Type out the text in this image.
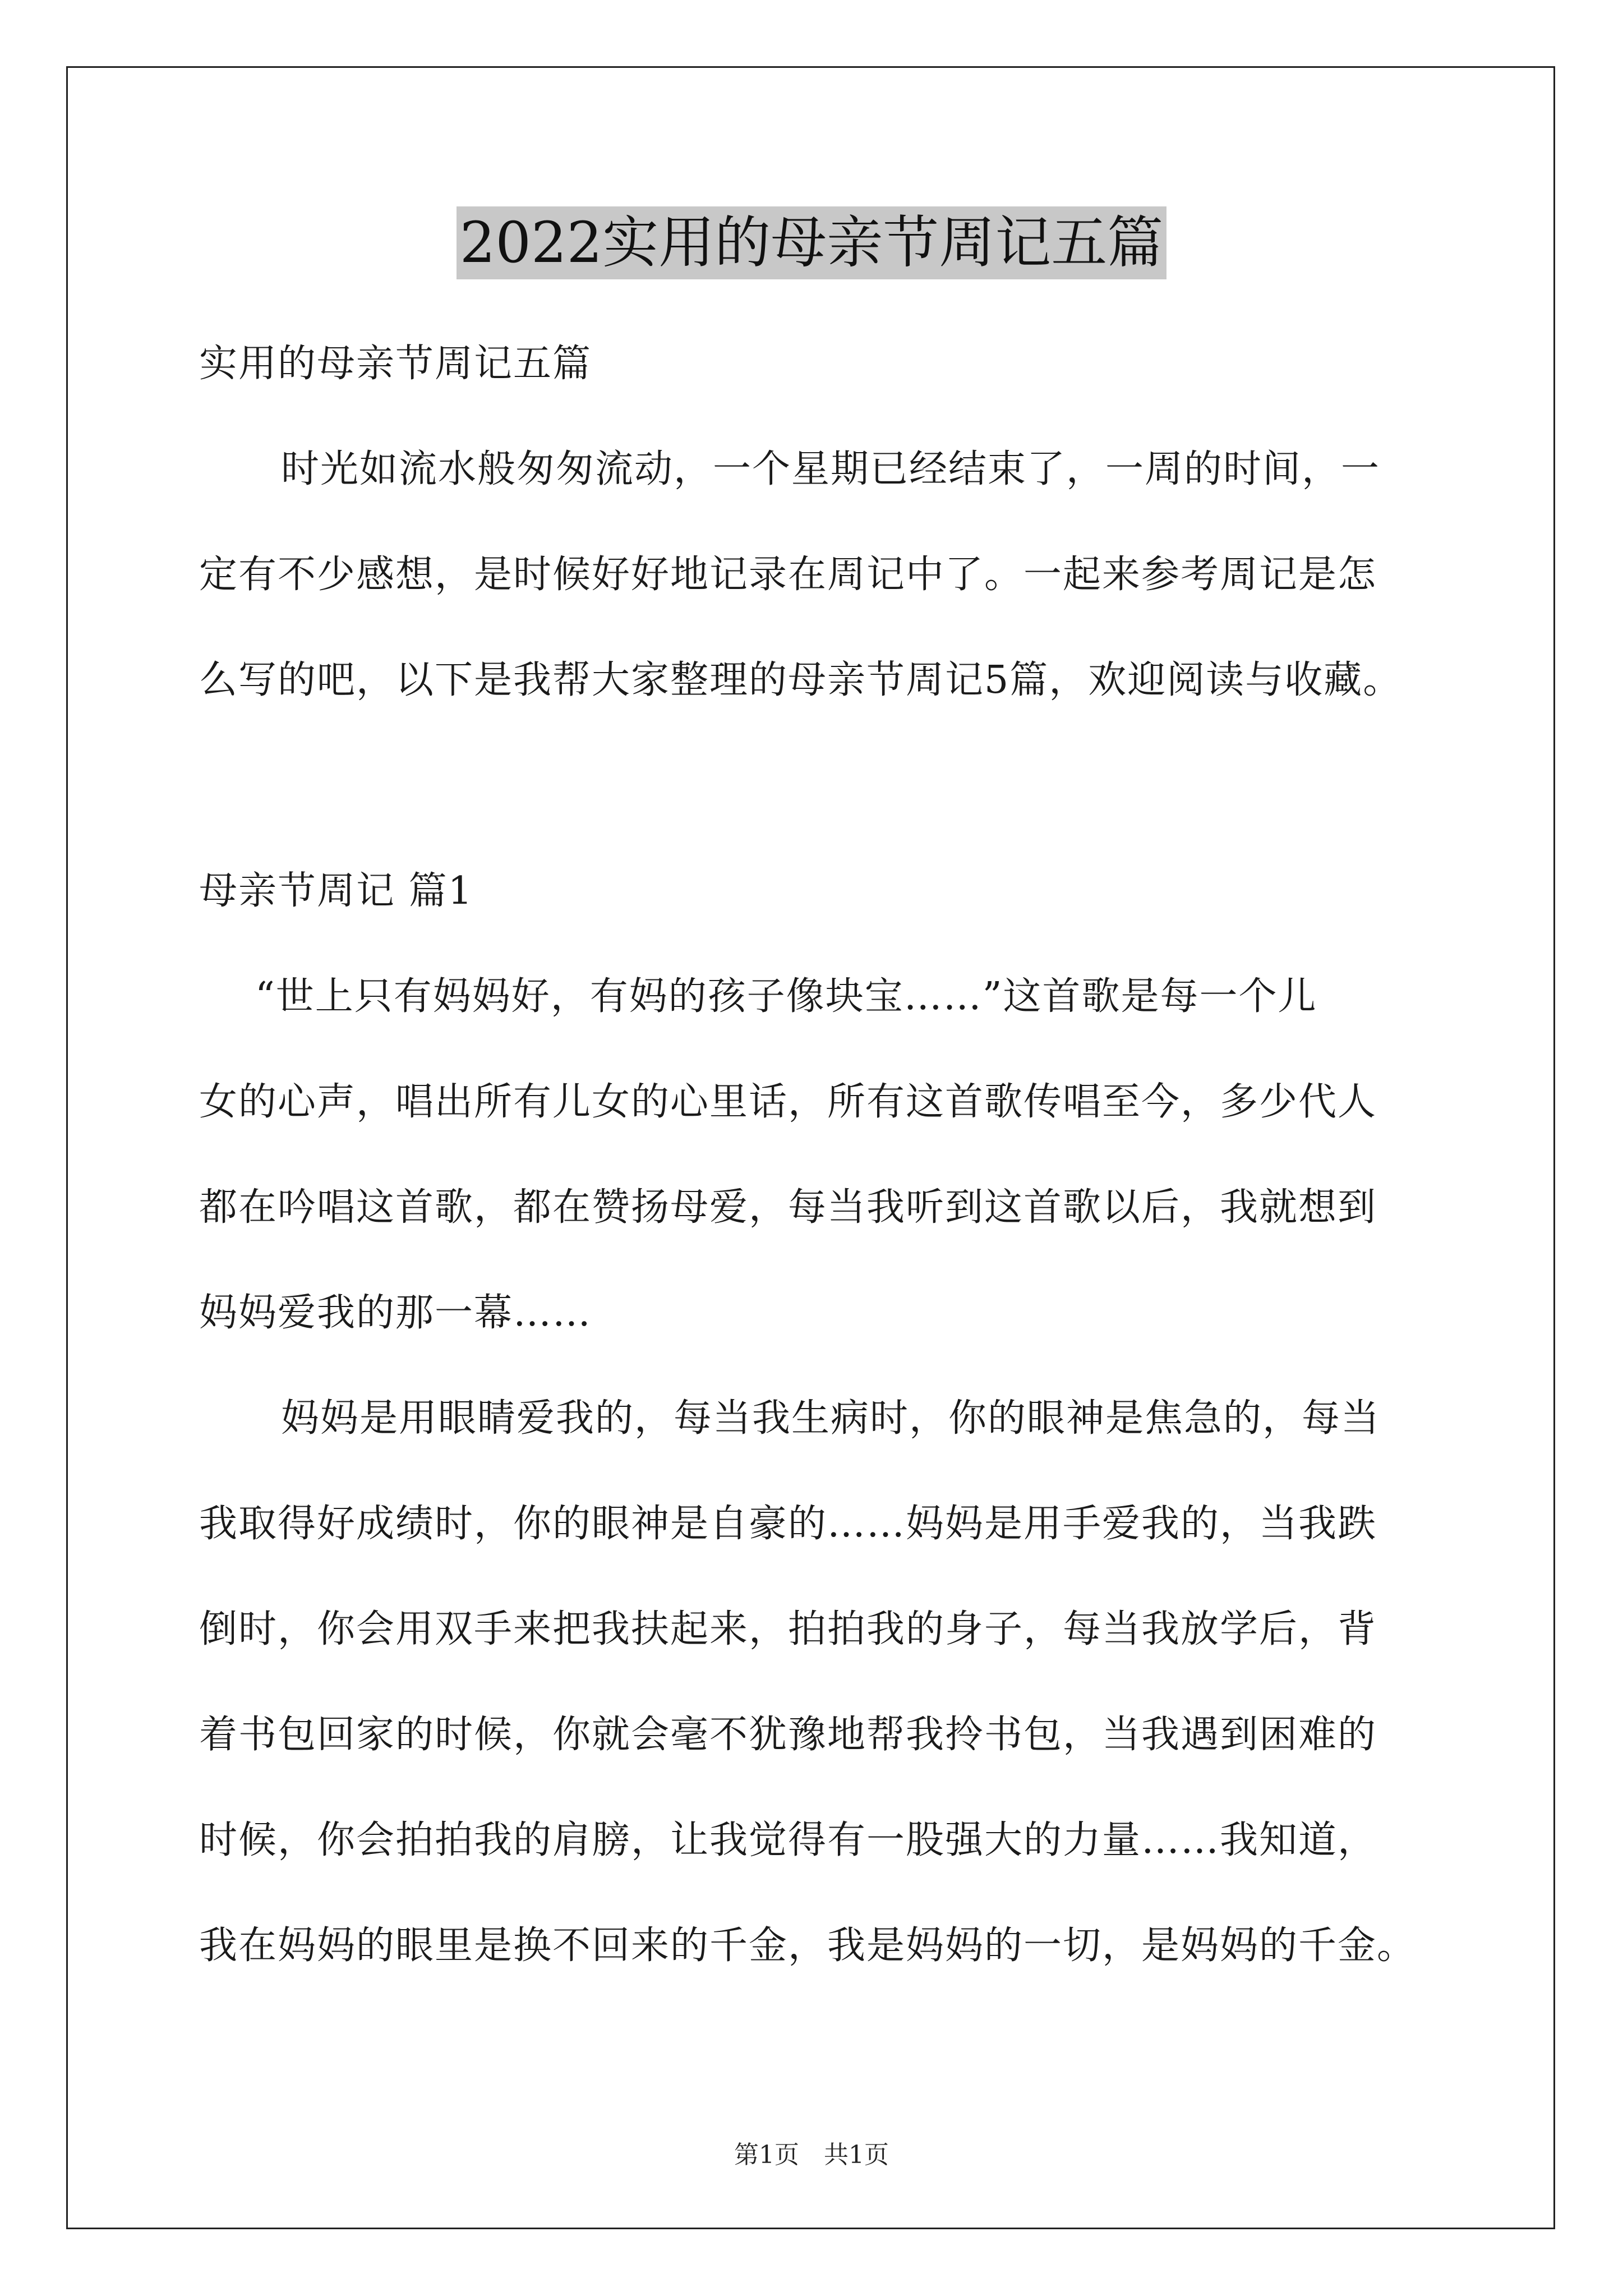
2022实用的母亲节周记五篇
实用的母亲节周记五篇
时光如流水般匆匆流动，一个星期已经结束了，一周的时间，一
定有不少感想，是时候好好地记录在周记中了。一起来参考周记是怎
么写的吧，以下是我帮大家整理的母亲节周记5篇，欢迎阅读与收藏。
母亲节周记 篇1
“世上只有妈妈好，有妈的孩子像块宝……”这首歌是每一个儿
女的心声，唱出所有儿女的心里话，所有这首歌传唱至今，多少代人
都在吟唱这首歌，都在赞扬母爱，每当我听到这首歌以后，我就想到
妈妈爱我的那一幕……
妈妈是用眼睛爱我的，每当我生病时，你的眼神是焦急的，每当
我取得好成绩时，你的眼神是自豪的……妈妈是用手爱我的，当我跌
倒时，你会用双手来把我扶起来，拍拍我的身子，每当我放学后，背
着书包回家的时候，你就会毫不犹豫地帮我拎书包，当我遇到困难的
时候，你会拍拍我的肩膀，让我觉得有一股强大的力量……我知道，
我在妈妈的眼里是换不回来的千金，我是妈妈的一切，是妈妈的千金。
第1页 共1页
